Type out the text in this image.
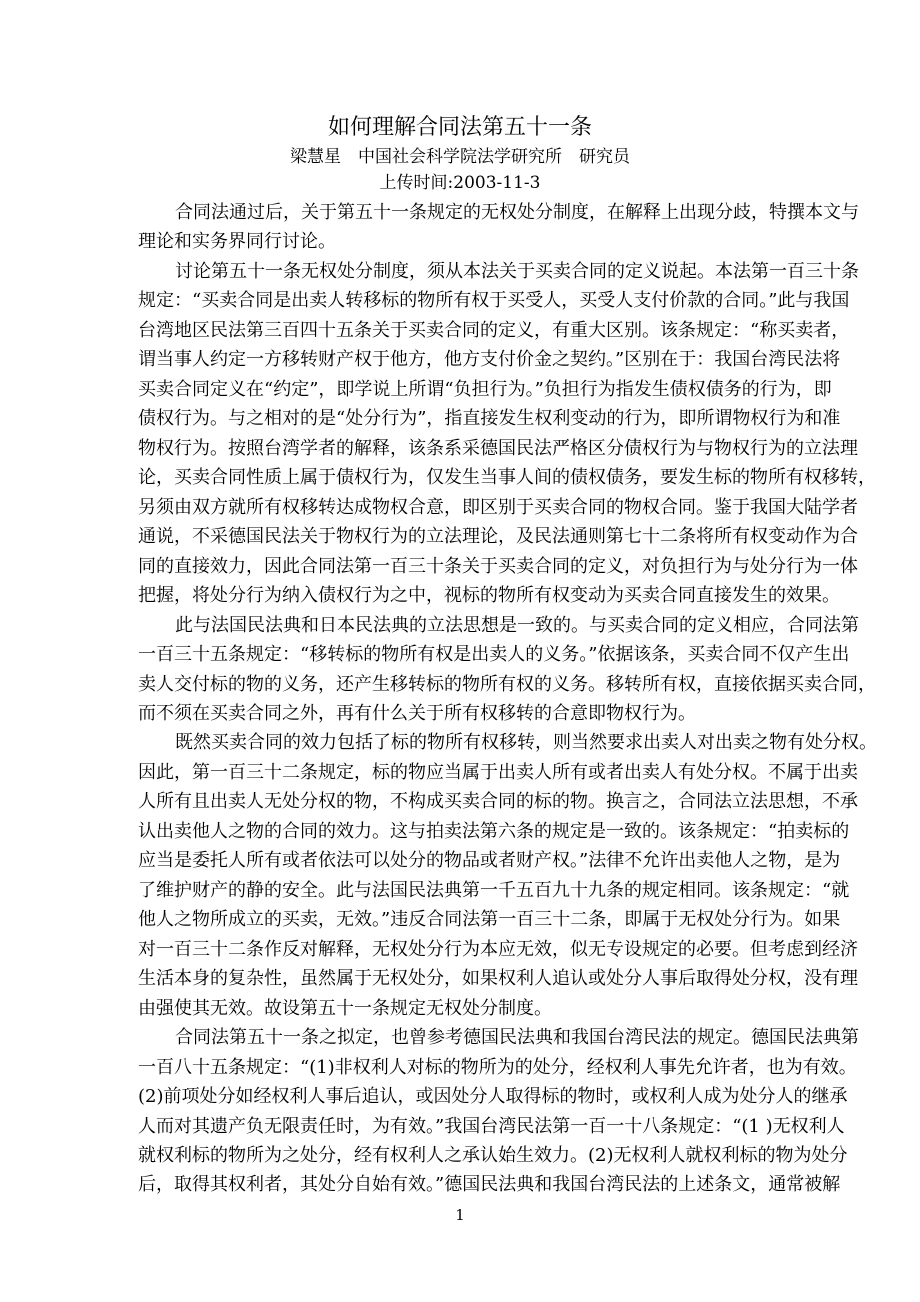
如何理解合同法第五十一条
梁慧星　中国社会科学院法学研究所　研究员
上传时间:2003-11-3
合同法通过后，关于第五十一条规定的无权处分制度，在解释上出现分歧，特撰本文与
理论和实务界同行讨论。
讨论第五十一条无权处分制度，须从本法关于买卖合同的定义说起。本法第一百三十条
规定：“买卖合同是出卖人转移标的物所有权于买受人，买受人支付价款的合同。”此与我国
台湾地区民法第三百四十五条关于买卖合同的定义，有重大区别。该条规定：“称买卖者，
谓当事人约定一方移转财产权于他方，他方支付价金之契约。”区别在于：我国台湾民法将
买卖合同定义在“约定”，即学说上所谓“负担行为。”负担行为指发生债权债务的行为，即
债权行为。与之相对的是“处分行为”，指直接发生权利变动的行为，即所谓物权行为和准
物权行为。按照台湾学者的解释，该条系采德国民法严格区分债权行为与物权行为的立法理
论，买卖合同性质上属于债权行为，仅发生当事人间的债权债务，要发生标的物所有权移转，
另须由双方就所有权移转达成物权合意，即区别于买卖合同的物权合同。鉴于我国大陆学者
通说，不采德国民法关于物权行为的立法理论，及民法通则第七十二条将所有权变动作为合
同的直接效力，因此合同法第一百三十条关于买卖合同的定义，对负担行为与处分行为一体
把握，将处分行为纳入债权行为之中，视标的物所有权变动为买卖合同直接发生的效果。
此与法国民法典和日本民法典的立法思想是一致的。与买卖合同的定义相应，合同法第
一百三十五条规定：“移转标的物所有权是出卖人的义务。”依据该条，买卖合同不仅产生出
卖人交付标的物的义务，还产生移转标的物所有权的义务。移转所有权，直接依据买卖合同，
而不须在买卖合同之外，再有什么关于所有权移转的合意即物权行为。
既然买卖合同的效力包括了标的物所有权移转，则当然要求出卖人对出卖之物有处分权。
因此，第一百三十二条规定，标的物应当属于出卖人所有或者出卖人有处分权。不属于出卖
人所有且出卖人无处分权的物，不构成买卖合同的标的物。换言之，合同法立法思想，不承
认出卖他人之物的合同的效力。这与拍卖法第六条的规定是一致的。该条规定：“拍卖标的
应当是委托人所有或者依法可以处分的物品或者财产权。”法律不允许出卖他人之物，是为
了维护财产的静的安全。此与法国民法典第一千五百九十九条的规定相同。该条规定：“就
他人之物所成立的买卖，无效。”违反合同法第一百三十二条，即属于无权处分行为。如果
对一百三十二条作反对解释，无权处分行为本应无效，似无专设规定的必要。但考虑到经济
生活本身的复杂性，虽然属于无权处分，如果权利人追认或处分人事后取得处分权，没有理
由强使其无效。故设第五十一条规定无权处分制度。
合同法第五十一条之拟定，也曾参考德国民法典和我国台湾民法的规定。德国民法典第
一百八十五条规定：“(1)非权利人对标的物所为的处分，经权利人事先允许者，也为有效。
(2)前项处分如经权利人事后追认，或因处分人取得标的物时，或权利人成为处分人的继承
人而对其遗产负无限责任时，为有效。”我国台湾民法第一百一十八条规定：“(1 )无权利人
就权利标的物所为之处分，经有权利人之承认始生效力。(2)无权利人就权利标的物为处分
后，取得其权利者，其处分自始有效。”德国民法典和我国台湾民法的上述条文，通常被解
1
